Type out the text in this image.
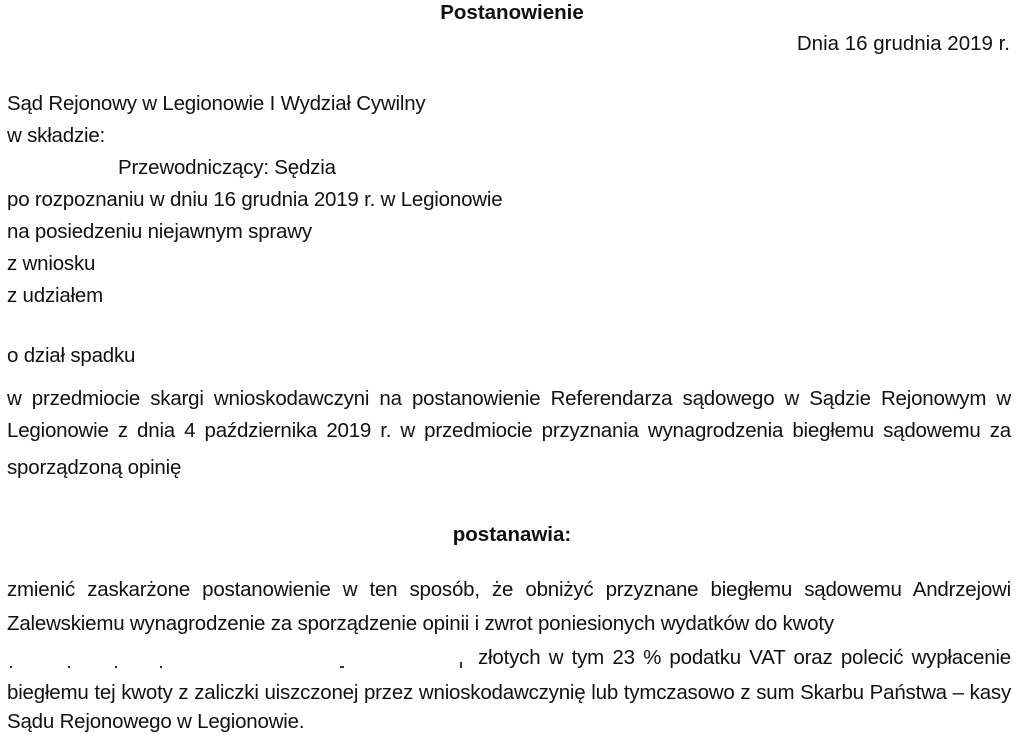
Postanowienie
Dnia 16 grudnia 2019 r.
Sąd Rejonowy w Legionowie I Wydział Cywilny
w składzie:
Przewodniczący: Sędzia
po rozpoznaniu w dniu 16 grudnia 2019 r. w Legionowie
na posiedzeniu niejawnym sprawy
z wniosku
z udziałem
o dział spadku
w przedmiocie skargi wnioskodawczyni na postanowienie Referendarza sądowego w Sądzie Rejonowym w
Legionowie z dnia 4 października 2019 r. w przedmiocie przyznania wynagrodzenia biegłemu sądowemu za
sporządzoną opinię
postanawia:
zmienić zaskarżone postanowienie w ten sposób, że obniżyć przyznane biegłemu sądowemu Andrzejowi
Zalewskiemu wynagrodzenie za sporządzenie opinii i zwrot poniesionych wydatków do kwoty
złotych w tym 23 % podatku VAT oraz polecić wypłacenie
biegłemu tej kwoty z zaliczki uiszczonej przez wnioskodawczynię lub tymczasowo z sum Skarbu Państwa – kasy
Sądu Rejonowego w Legionowie.
